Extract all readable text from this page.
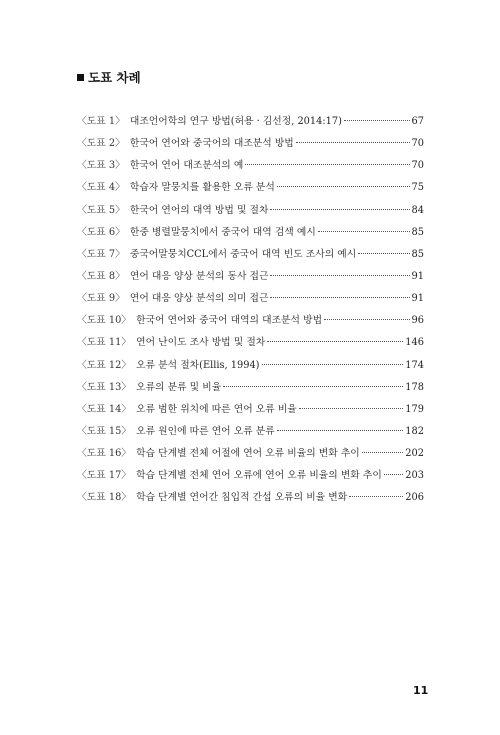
도표 차례
〈도표 1〉 대조언어학의 연구 방법(허용 · 김선정, 2014:17)	67
〈도표 2〉 한국어 연어와 중국어의 대조분석 방법	70
〈도표 3〉 한국어 연어 대조분석의 예	70
〈도표 4〉 학습자 말뭉치를 활용한 오류 분석	75
〈도표 5〉 한국어 연어의 대역 방법 및 절차	84
〈도표 6〉 한중 병렬말뭉치에서 중국어 대역 검색 예시	85
〈도표 7〉 중국어말뭉치CCL에서 중국어 대역 빈도 조사의 예시	85
〈도표 8〉 연어 대응 양상 분석의 동사 접근	91
〈도표 9〉 연어 대응 양상 분석의 의미 접근	91
〈도표 10〉 한국어 연어와 중국어 대역의 대조분석 방법	96
〈도표 11〉 연어 난이도 조사 방법 및 절차	146
〈도표 12〉 오류 분석 절차(Ellis, 1994)	174
〈도표 13〉 오류의 분류 및 비율	178
〈도표 14〉 오류 범한 위치에 따른 연어 오류 비율	179
〈도표 15〉 오류 원인에 따른 연어 오류 분류	182
〈도표 16〉 학습 단계별 전체 어절에 연어 오류 비율의 변화 추이	202
〈도표 17〉 학습 단계별 전체 연어 오류에 연어 오류 비율의 변화 추이 203
〈도표 18〉 학습 단계별 연어간 침입적 간섭 오류의 비율 변화	206
11
